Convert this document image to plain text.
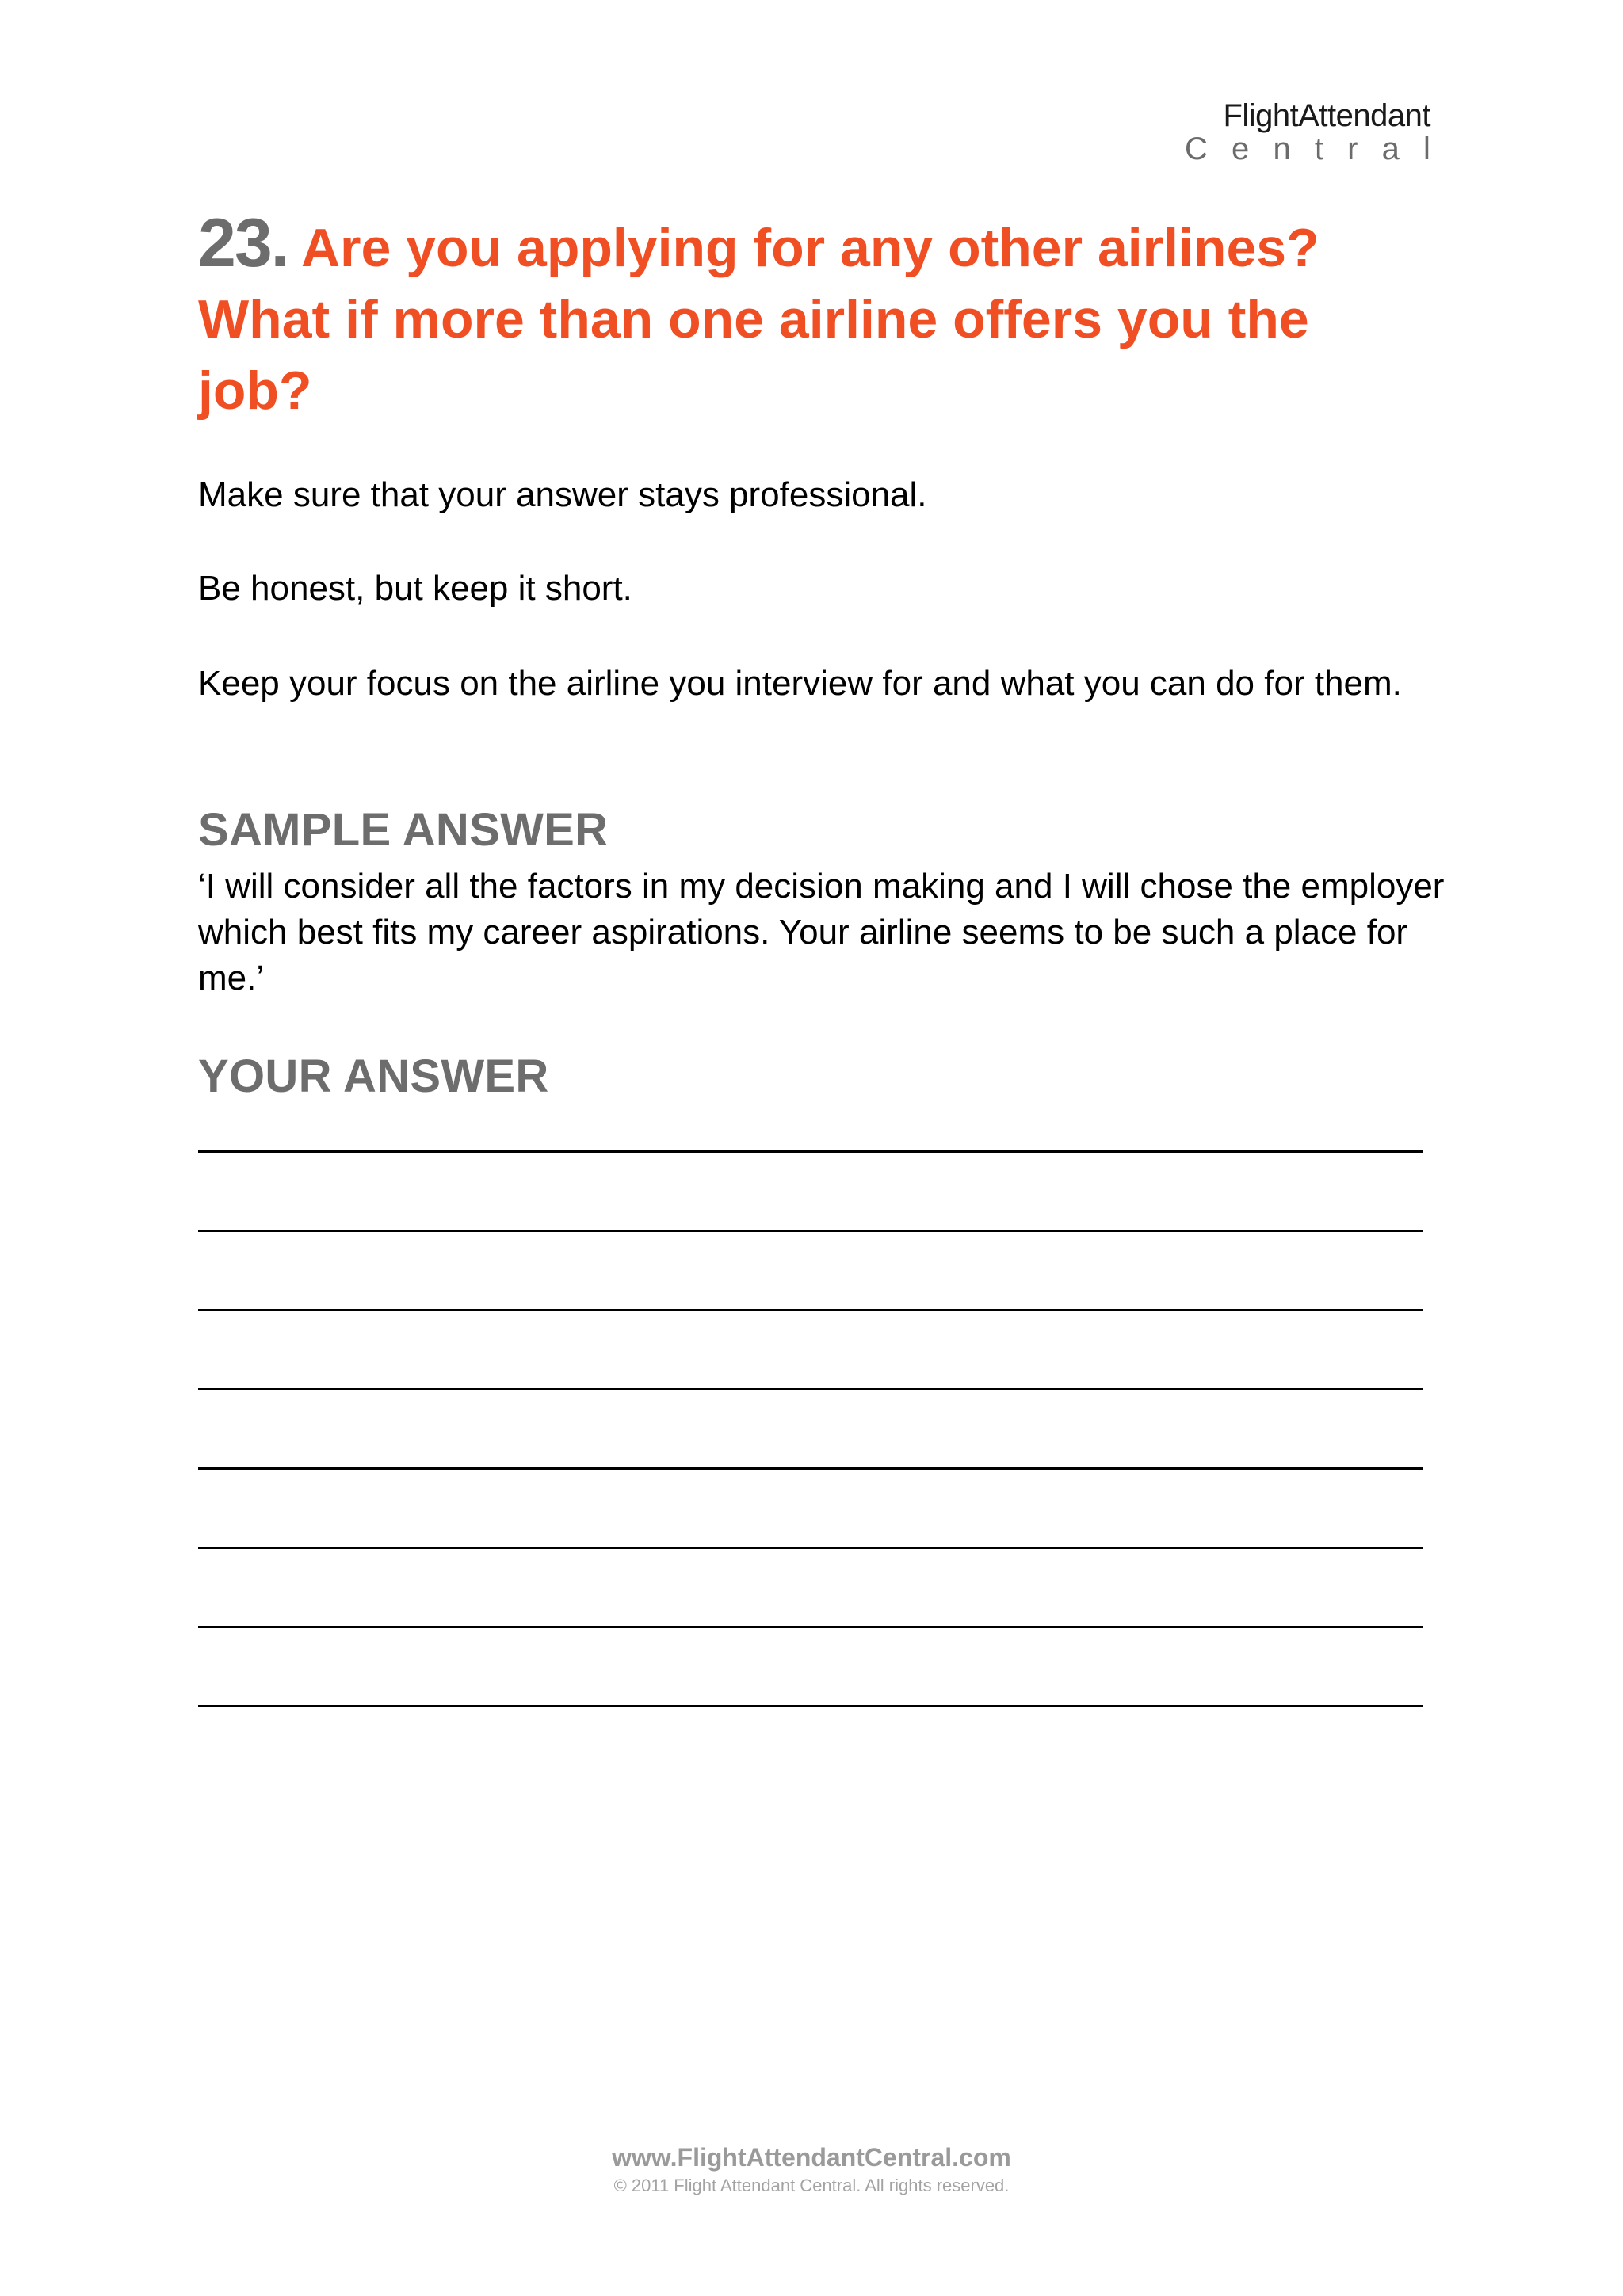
FlightAttendant
C e n t r a l
23. Are you applying for any other airlines? What if more than one airline offers you the job?

Make sure that your answer stays professional.

Be honest, but keep it short.

Keep your focus on the airline you interview for and what you can do for them.

SAMPLE ANSWER

‘I will consider all the factors in my decision making and I will chose the employer which best fits my career aspirations. Your airline seems to be such a place for me.’

YOUR ANSWER
www.FlightAttendantCentral.com
© 2011 Flight Attendant Central. All rights reserved.
